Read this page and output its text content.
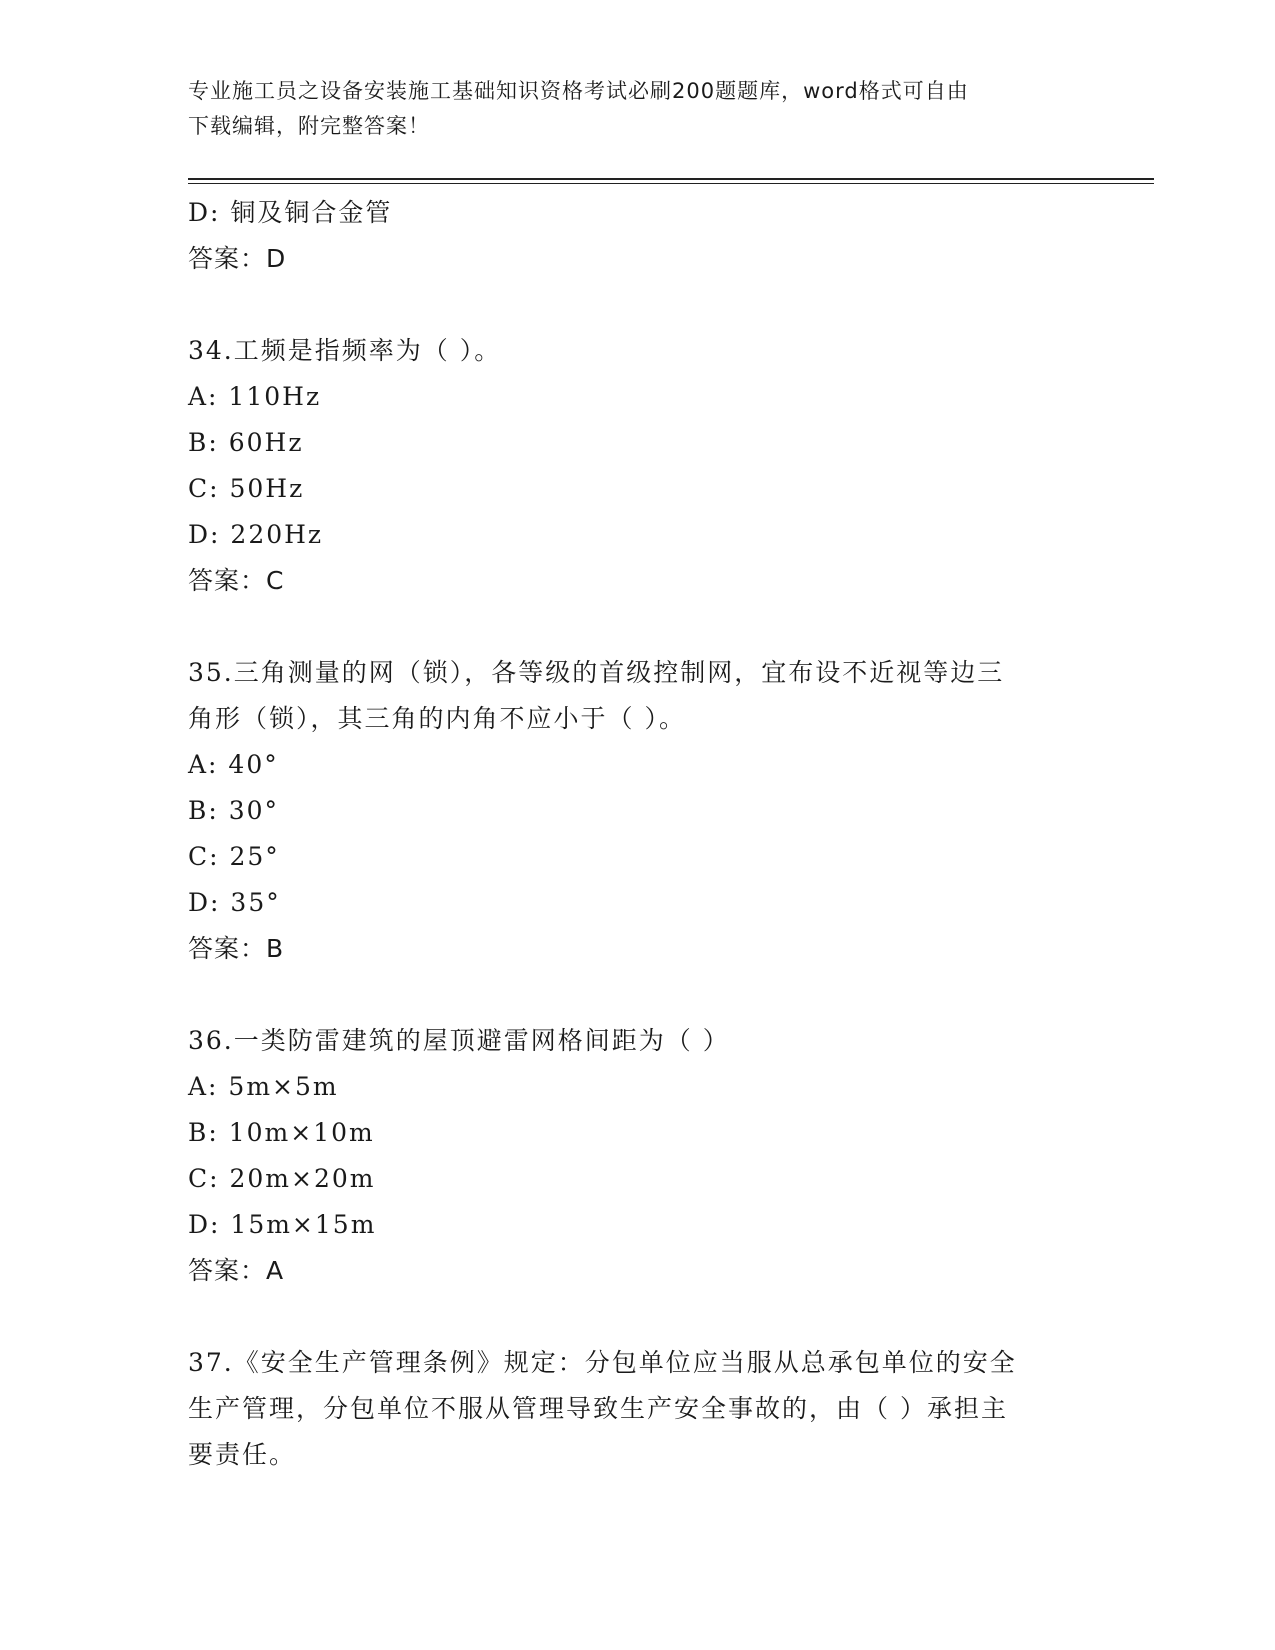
专业施工员之设备安装施工基础知识资格考试必刷200题题库，word格式可自由
下载编辑，附完整答案！
D: 铜及铜合金管
答案：D
34.工频是指频率为（ ）。
A: 110Hz
B: 60Hz
C: 50Hz
D: 220Hz
答案：C
35.三角测量的网（锁），各等级的首级控制网，宜布设不近视等边三
角形（锁），其三角的内角不应小于（ ）。
A: 40°
B: 30°
C: 25°
D: 35°
答案：B
36.一类防雷建筑的屋顶避雷网格间距为（ ）
A: 5m×5m
B: 10m×10m
C: 20m×20m
D: 15m×15m
答案：A
37.《安全生产管理条例》规定：分包单位应当服从总承包单位的安全
生产管理，分包单位不服从管理导致生产安全事故的，由（ ）承担主
要责任。
